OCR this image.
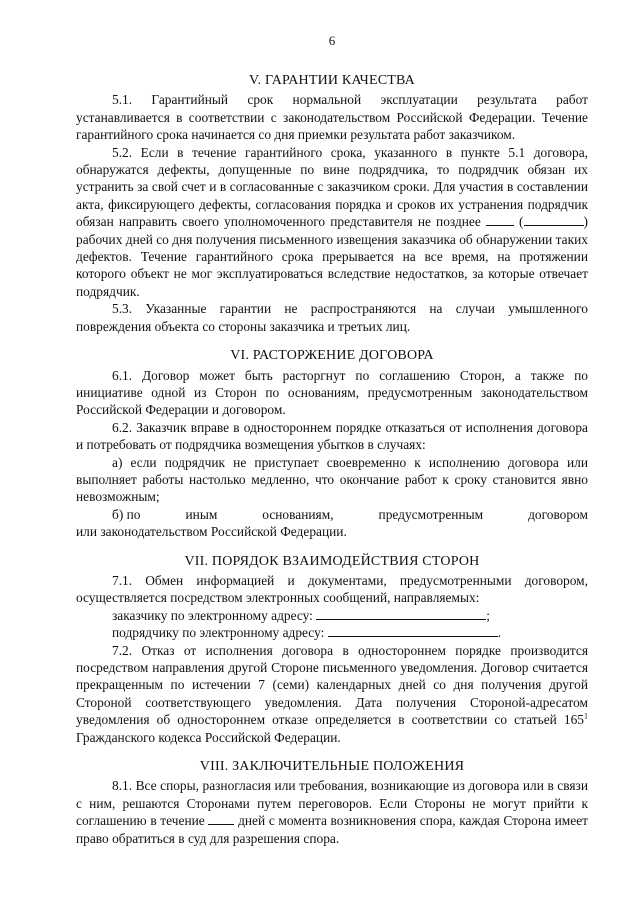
6
V. ГАРАНТИИ КАЧЕСТВА

5.1. Гарантийный срок нормальной эксплуатации результата работ устанавливается в соответствии с законодательством Российской Федерации. Течение гарантийного срока начинается со дня приемки результата работ заказчиком.

5.2. Если в течение гарантийного срока, указанного в пункте 5.1 договора, обнаружатся дефекты, допущенные по вине подрядчика, то подрядчик обязан их устранить за свой счет и в согласованные с заказчиком сроки. Для участия в составлении акта, фиксирующего дефекты, согласования порядка и сроков их устранения подрядчик обязан направить своего уполномоченного представителя не позднее	(	) рабочих дней со дня получения письменного извещения заказчика об обнаружении таких дефектов. Течение гарантийного срока прерывается на все время, на протяжении которого объект не мог эксплуатироваться вследствие недостатков, за которые отвечает подрядчик.

5.3. Указанные гарантии не распространяются на случаи умышленного повреждения объекта со стороны заказчика и третьих лиц.

VI. РАСТОРЖЕНИЕ ДОГОВОРА

6.1. Договор может быть расторгнут по соглашению Сторон, а также по инициативе одной из Сторон по основаниям, предусмотренным законодательством Российской Федерации и договором.

6.2. Заказчик вправе в одностороннем порядке отказаться от исполнения договора и потребовать от подрядчика возмещения убытков в случаях:

а) если подрядчик не приступает своевременно к исполнению договора или выполняет работы настолько медленно, что окончание работ к сроку становится явно невозможным;

б) по	иным	основаниям,	предусмотренным	договором

или законодательством Российской Федерации.

VII. ПОРЯДОК ВЗАИМОДЕЙСТВИЯ СТОРОН

7.1. Обмен информацией и документами, предусмотренными договором, осуществляется посредством электронных сообщений, направляемых:

заказчику по электронному адресу:	;
подрядчику по электронному адресу:	.

7.2. Отказ от исполнения договора в одностороннем порядке производится посредством направления другой Стороне письменного уведомления. Договор считается прекращенным по истечении 7 (семи) календарных дней со дня получения другой Стороной соответствующего уведомления. Дата получения Стороной-адресатом уведомления об одностороннем отказе определяется в соответствии со статьей $165^1$ Гражданского кодекса Российской Федерации.

VIII. ЗАКЛЮЧИТЕЛЬНЫЕ ПОЛОЖЕНИЯ

8.1. Все споры, разногласия или требования, возникающие из договора или в связи с ним, решаются Сторонами путем переговоров. Если Стороны не могут прийти к соглашению в течение дней с момента возникновения спора, каждая Сторона имеет право обратиться в суд для разрешения спора.
